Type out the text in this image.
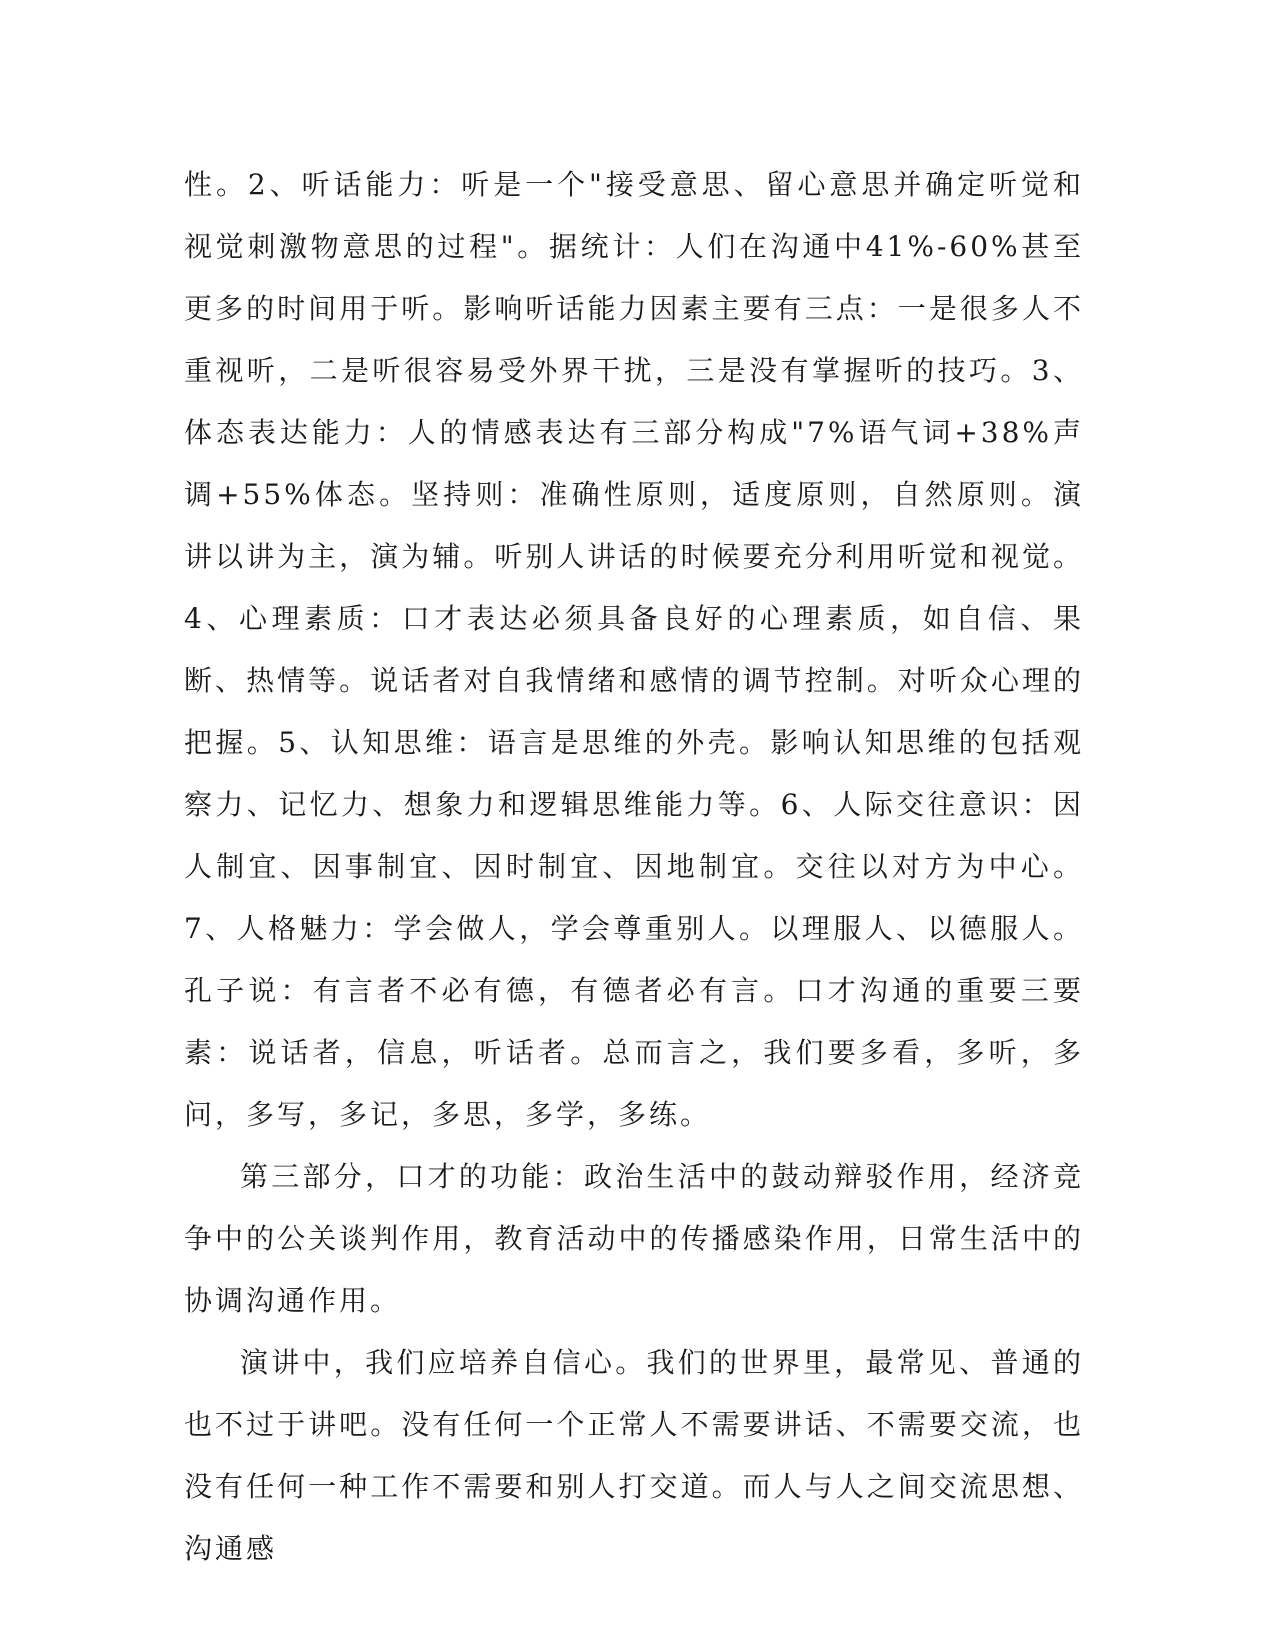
性。2、听话能力：听是一个"接受意思、留心意思并确定听觉和视觉刺激物意思的过程"。据统计：人们在沟通中41%-60%甚至更多的时间用于听。影响听话能力因素主要有三点：一是很多人不重视听，二是听很容易受外界干扰，三是没有掌握听的技巧。3、体态表达能力：人的情感表达有三部分构成"7%语气词+38%声调+55%体态。坚持则：准确性原则，适度原则，自然原则。演讲以讲为主，演为辅。听别人讲话的时候要充分利用听觉和视觉。4、心理素质：口才表达必须具备良好的心理素质，如自信、果断、热情等。说话者对自我情绪和感情的调节控制。对听众心理的把握。5、认知思维：语言是思维的外壳。影响认知思维的包括观察力、记忆力、想象力和逻辑思维能力等。6、人际交往意识：因人制宜、因事制宜、因时制宜、因地制宜。交往以对方为中心。7、人格魅力：学会做人，学会尊重别人。以理服人、以德服人。孔子说：有言者不必有德，有德者必有言。口才沟通的重要三要素：说话者，信息，听话者。总而言之，我们要多看，多听，多问，多写，多记，多思，多学，多练。

第三部分，口才的功能：政治生活中的鼓动辩驳作用，经济竞争中的公关谈判作用，教育活动中的传播感染作用，日常生活中的协调沟通作用。

演讲中，我们应培养自信心。我们的世界里，最常见、普通的也不过于讲吧。没有任何一个正常人不需要讲话、不需要交流，也没有任何一种工作不需要和别人打交道。而人与人之间交流思想、沟通感
